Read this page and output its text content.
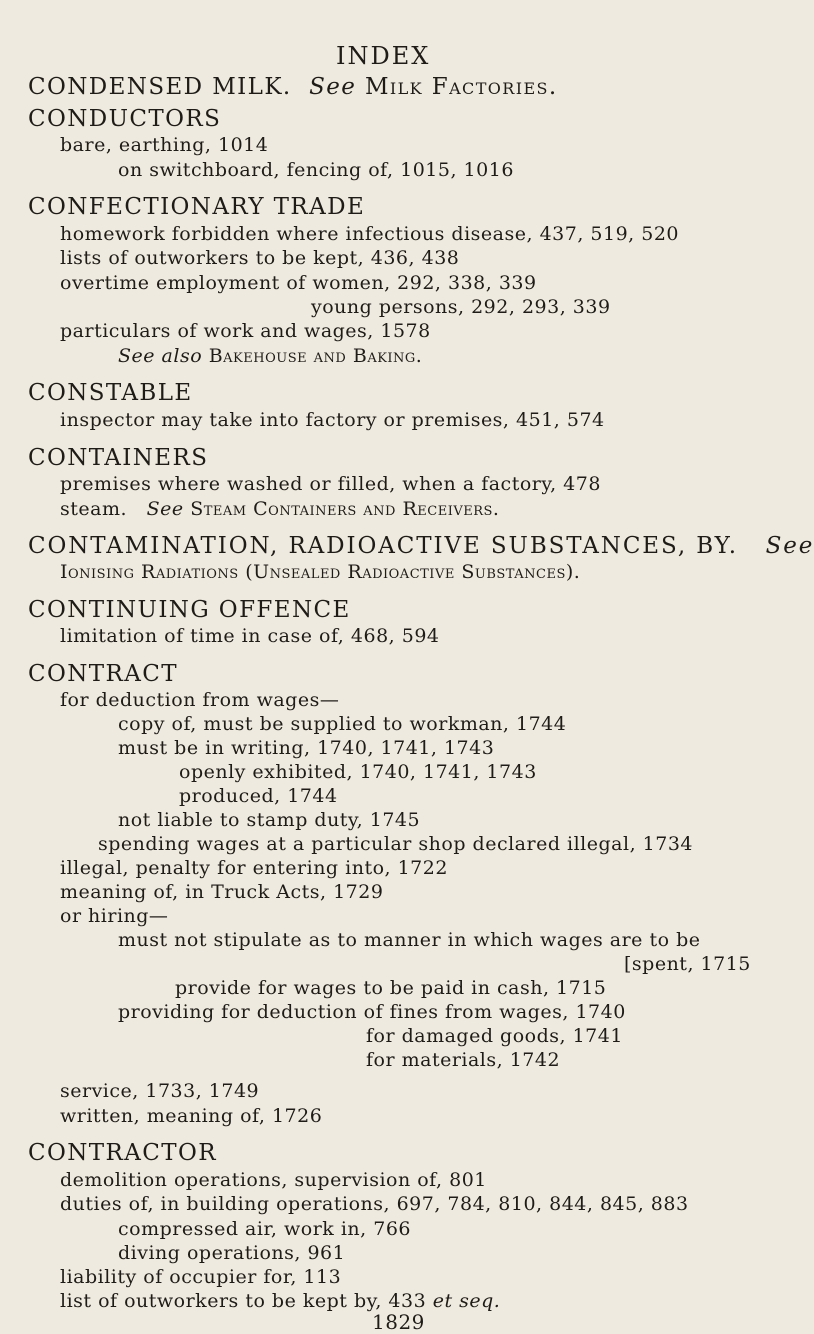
INDEX
CONDENSED MILK. See Milk Factories.
CONDUCTORS
bare, earthing, 1014
on switchboard, fencing of, 1015, 1016
CONFECTIONARY TRADE
homework forbidden where infectious disease, 437, 519, 520
lists of outworkers to be kept, 436, 438
overtime employment of women, 292, 338, 339
young persons, 292, 293, 339
particulars of work and wages, 1578
See also Bakehouse and Baking.
CONSTABLE
inspector may take into factory or premises, 451, 574
CONTAINERS
premises where washed or filled, when a factory, 478
steam. See Steam Containers and Receivers.
CONTAMINATION, RADIOACTIVE SUBSTANCES, BY. See
Ionising Radiations (Unsealed Radioactive Substances).
CONTINUING OFFENCE
limitation of time in case of, 468, 594
CONTRACT
for deduction from wages—
copy of, must be supplied to workman, 1744
must be in writing, 1740, 1741, 1743
openly exhibited, 1740, 1741, 1743
produced, 1744
not liable to stamp duty, 1745
spending wages at a particular shop declared illegal, 1734
illegal, penalty for entering into, 1722
meaning of, in Truck Acts, 1729
or hiring—
must not stipulate as to manner in which wages are to be
[spent, 1715
provide for wages to be paid in cash, 1715
providing for deduction of fines from wages, 1740
for damaged goods, 1741
for materials, 1742
service, 1733, 1749
written, meaning of, 1726
CONTRACTOR
demolition operations, supervision of, 801
duties of, in building operations, 697, 784, 810, 844, 845, 883
compressed air, work in, 766
diving operations, 961
liability of occupier for, 113
list of outworkers to be kept by, 433 et seq.
1829
